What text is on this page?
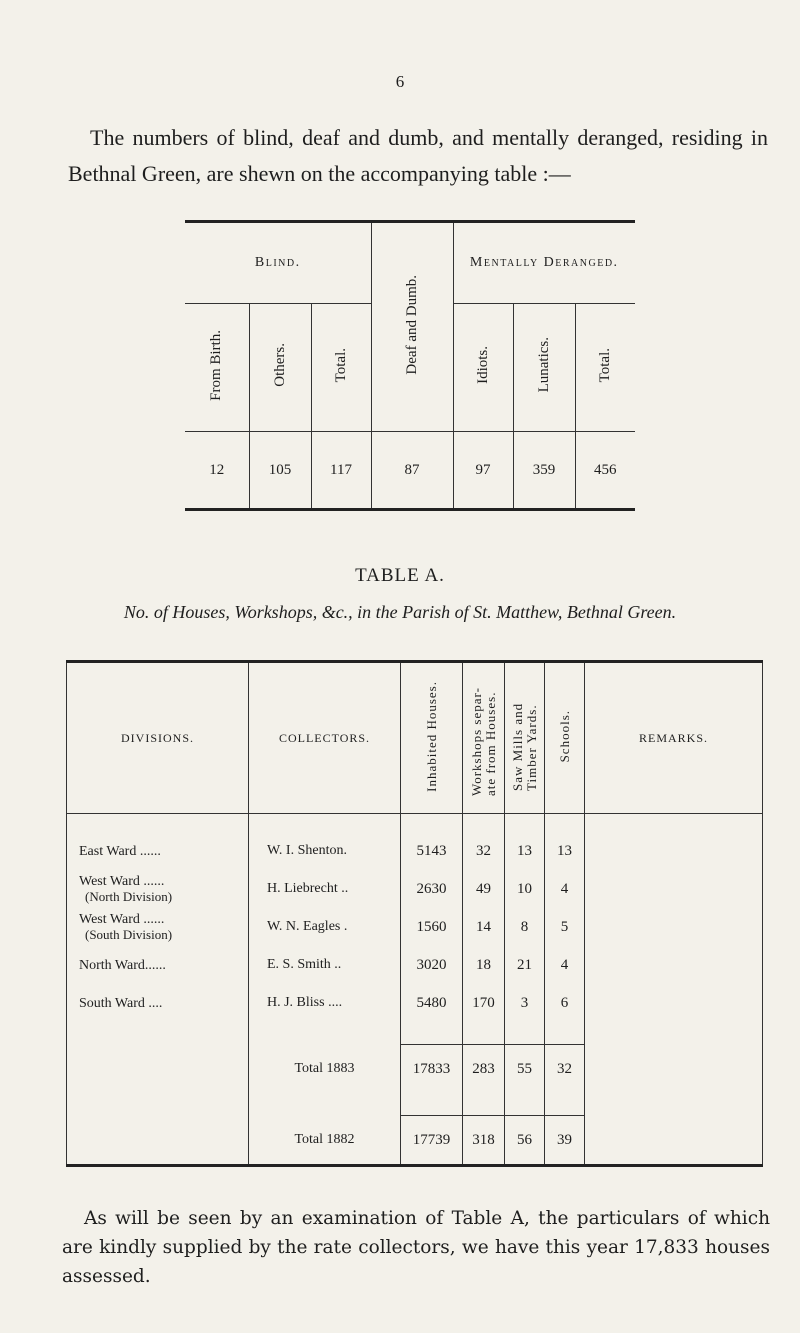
6

The numbers of blind, deaf and dumb, and mentally deranged, residing in Bethnal Green, are shewn on the accompanying table :—

Blind.			Deaf and Dumb.	Mentally Deranged.		
From Birth.	Others.	Total.		Idiots.	Lunatics.	Total.
12	105	117	87	97	359	456
TABLE A.
No. of Houses, Workshops, &c., in the Parish of St. Matthew, Bethnal Green.
DIVISIONS.	COLLECTORS.	Inhabited Houses.	Workshops separ- ate from Houses.	Saw Mills and Timber Yards.	Schools.	REMARKS.
East Ward ......	W. I. Shenton.	5143	32	13	13	
West Ward ......
(North Division)	H. Liebrecht ..	2630	49	10	4	
West Ward ......
(South Division)	W. N. Eagles .	1560	14	8	5	
North Ward......	E. S. Smith ..	3020	18	21	4	
South Ward ....	H. J. Bliss ....	5480	170	3	6	

	Total 1883	17833	283	55	32	

	Total 1882	17739	318	56	39	

As will be seen by an examination of Table A, the particulars of which are kindly supplied by the rate collectors, we have this year 17,833 houses assessed.
